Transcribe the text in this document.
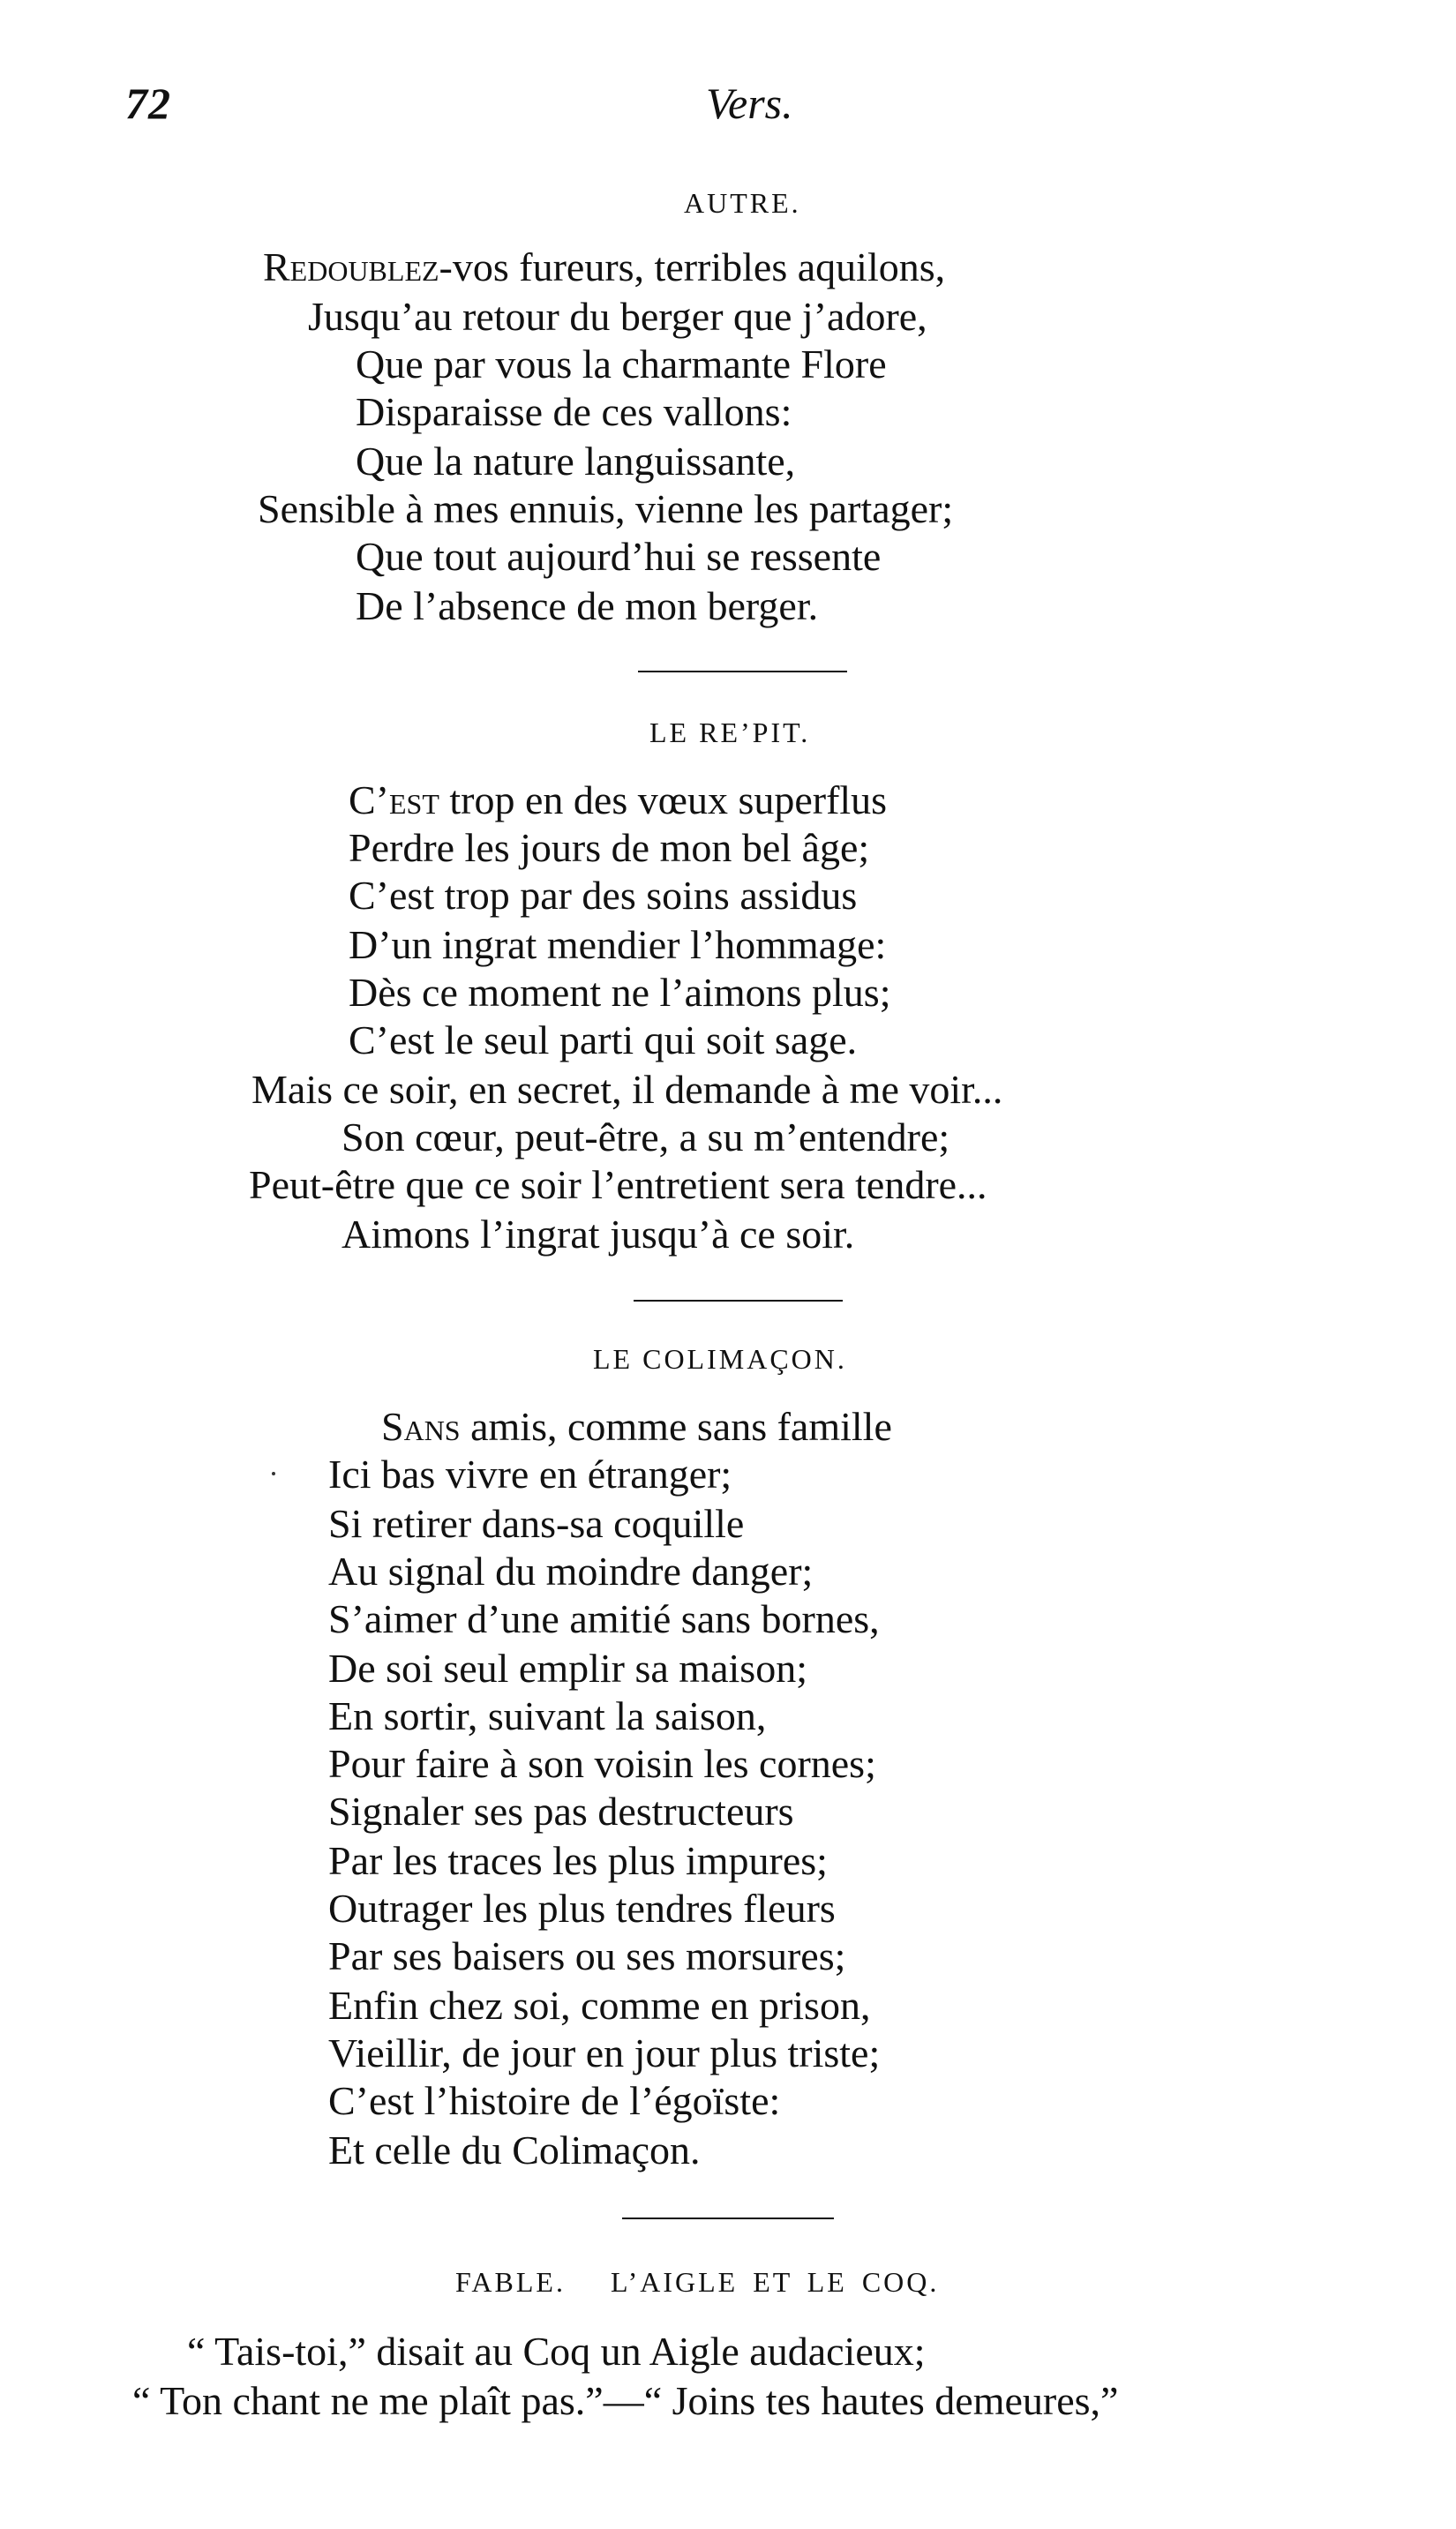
72	Vers.
AUTRE.
Redoublez-vos fureurs, terribles aquilons,
Jusqu’au retour du berger que j’adore,
Que par vous la charmante Flore
Disparaisse de ces vallons:
Que la nature languissante,
Sensible à mes ennuis, vienne les partager;
Que tout aujourd’hui se ressente
De l’absence de mon berger.
LE RE’PIT.
C’est trop en des vœux superflus
Perdre les jours de mon bel âge;
C’est trop par des soins assidus
D’un ingrat mendier l’hommage:
Dès ce moment ne l’aimons plus;
C’est le seul parti qui soit sage.
Mais ce soir, en secret, il demande à me voir...
Son cœur, peut-être, a su m’entendre;
Peut-être que ce soir l’entretient sera tendre...
Aimons l’ingrat jusqu’à ce soir.
LE COLIMAÇON.
Sans amis, comme sans famille
Ici bas vivre en étranger;
Si retirer dans-sa coquille
Au signal du moindre danger;
S’aimer d’une amitié sans bornes,
De soi seul emplir sa maison;
En sortir, suivant la saison,
Pour faire à son voisin les cornes;
Signaler ses pas destructeurs
Par les traces les plus impures;
Outrager les plus tendres fleurs
Par ses baisers ou ses morsures;
Enfin chez soi, comme en prison,
Vieillir, de jour en jour plus triste;
C’est l’histoire de l’égoïste:
Et celle du Colimaçon.
FABLE.   L’AIGLE ET LE COQ.
“ Tais-toi,” disait au Coq un Aigle audacieux;
“ Ton chant ne me plaît pas.”—“ Joins tes hautes demeures,”
